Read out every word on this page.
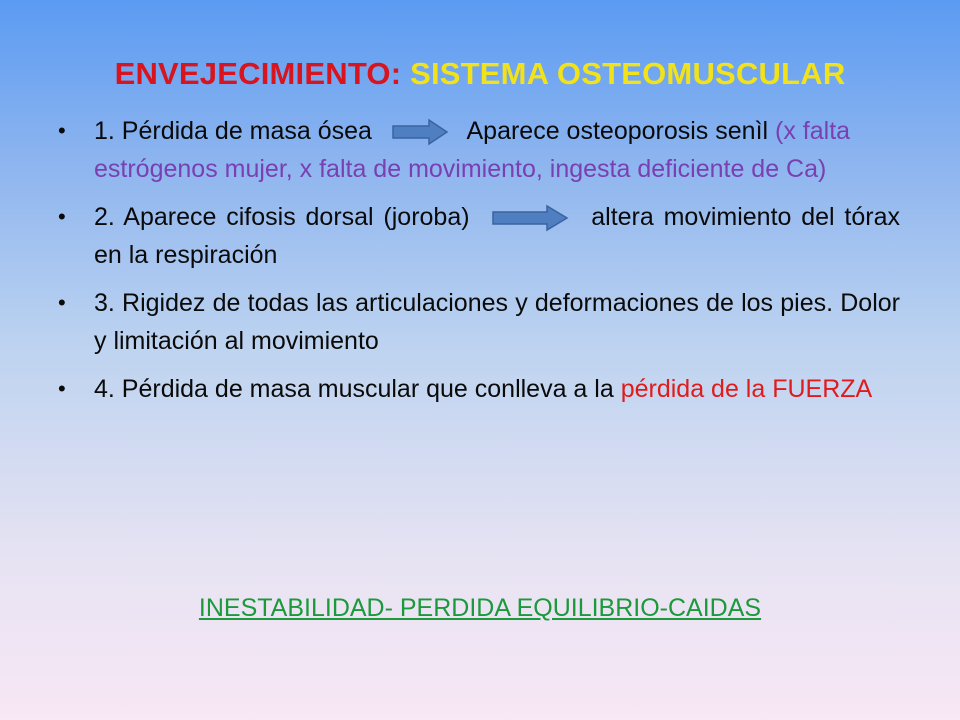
ENVEJECIMIENTO: SISTEMA OSTEOMUSCULAR
• 1. Pérdida de masa ósea	Aparece osteoporosis senìl (x falta estrógenos mujer, x falta de movimiento, ingesta deficiente de Ca)
• 2. Aparece cifosis dorsal (joroba)	altera movimiento del tórax en la respiración
• 3. Rigidez de todas las articulaciones y deformaciones de los pies. Dolor y limitación al movimiento
• 4. Pérdida de masa muscular que conlleva a la pérdida de la FUERZA
INESTABILIDAD- PERDIDA EQUILIBRIO-CAIDAS
